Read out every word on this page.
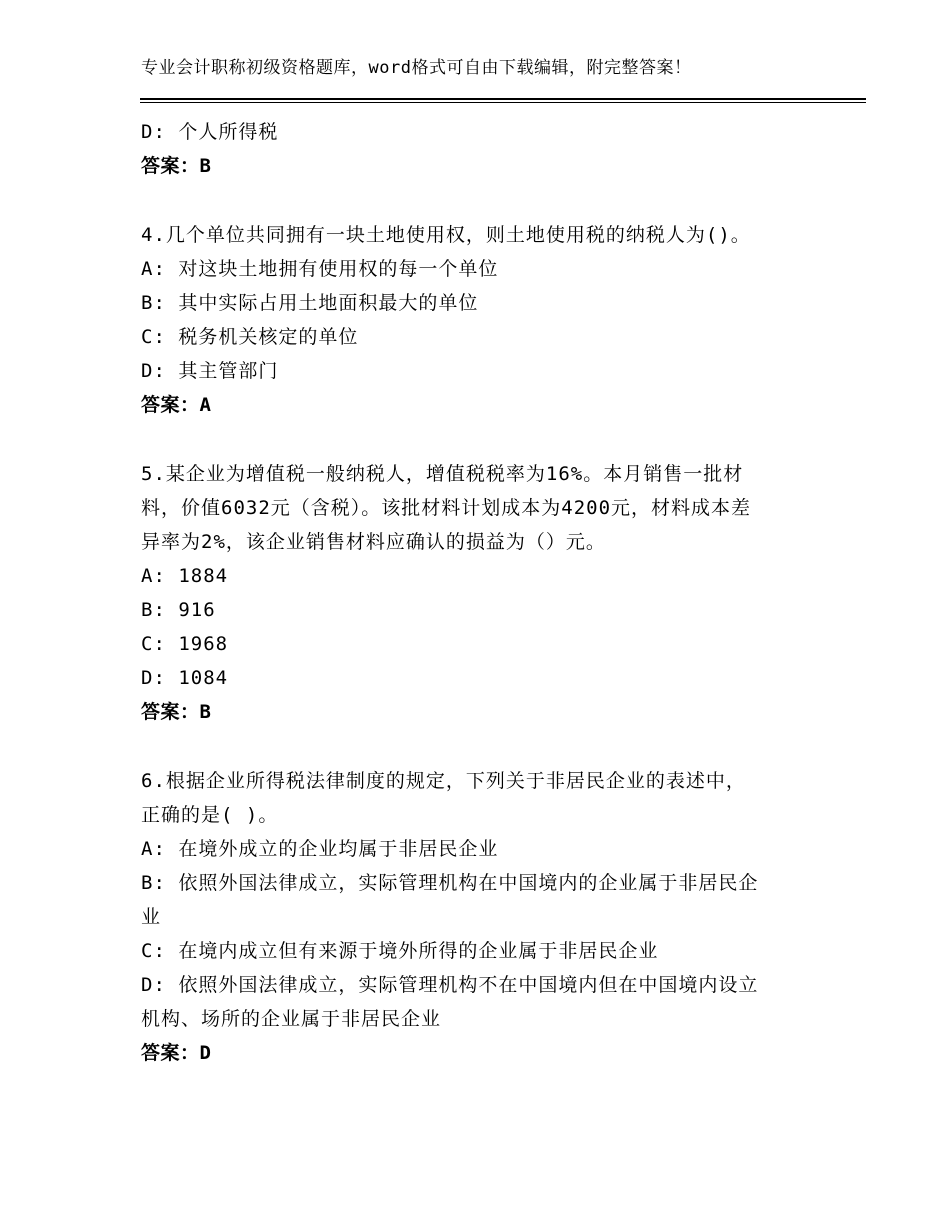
专业会计职称初级资格题库，word格式可自由下载编辑，附完整答案！
D: 个人所得税
答案：B
4.几个单位共同拥有一块土地使用权，则土地使用税的纳税人为()。
A: 对这块土地拥有使用权的每一个单位
B: 其中实际占用土地面积最大的单位
C: 税务机关核定的单位
D: 其主管部门
答案：A
5.某企业为增值税一般纳税人，增值税税率为16%。本月销售一批材
料，价值6032元（含税）。该批材料计划成本为4200元，材料成本差
异率为2%，该企业销售材料应确认的损益为（）元。
A: 1884
B: 916
C: 1968
D: 1084
答案：B
6.根据企业所得税法律制度的规定，下列关于非居民企业的表述中，
正确的是( )。
A: 在境外成立的企业均属于非居民企业
B: 依照外国法律成立，实际管理机构在中国境内的企业属于非居民企
业
C: 在境内成立但有来源于境外所得的企业属于非居民企业
D: 依照外国法律成立，实际管理机构不在中国境内但在中国境内设立
机构、场所的企业属于非居民企业
答案：D
